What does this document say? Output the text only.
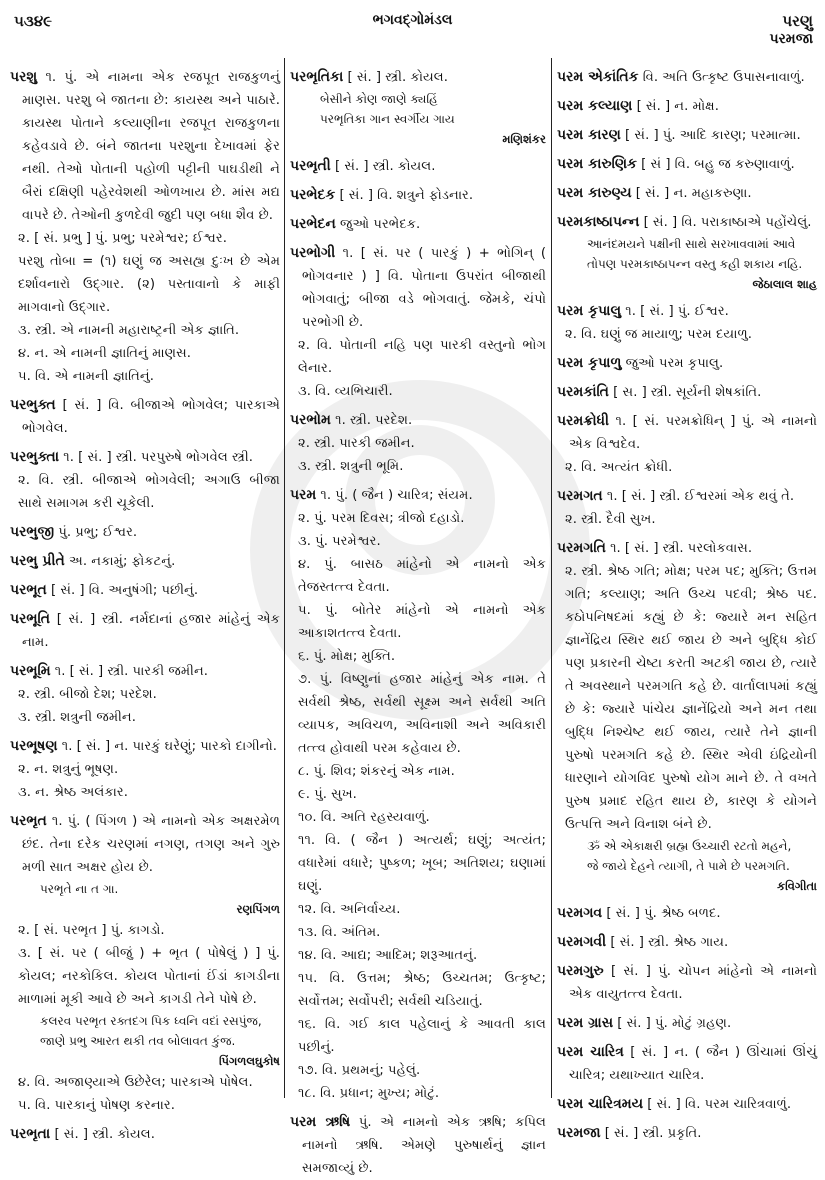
૫૩૪૯	ભગવદ્ગોમંડલ	પરણુ
પરમજા
પરશુ ૧. પું. એ નામના એક રજપૂત રાજકુળનું માણસ. પરશુ બે જાતના છે: કાયસ્થ અને પાઠારે. કાયસ્થ પોતાને કલ્યાણીના રજપૂત રાજકુળના કહેવડાવે છે. બંને જાતના પરશુના દેખાવમાં ફેર નથી. તેઓ પોતાની પહોળી પટ્ટીની પાઘડીથી ને બૈરાં દક્ષિણી પહેરવેશથી ઓળખાય છે. માંસ મદ્ય વાપરે છે. તેઓની કુળદેવી જુદી પણ બધા શૈવ છે.
૨. [ સં. પ્રભુ ] પું. પ્રભુ; પરમેશ્વર; ઈશ્વર.
પરશુ તોબા = (૧) ઘણું જ અસહ્ય દુઃખ છે એમ દર્શાવનારો ઉદ્ગાર. (૨) પસ્તાવાનો કે માફી માગવાનો ઉદ્ગાર.
૩. સ્ત્રી. એ નામની મહારાષ્ટ્રની એક જ્ઞાતિ.
૪. ન. એ નામની જ્ઞાતિનું માણસ.
૫. વિ. એ નામની જ્ઞાતિનું.
પરભુક્ત [ સં. ] વિ. બીજાએ ભોગવેલ; પારકાએ ભોગવેલ.
પરભુક્તા ૧. [ સં. ] સ્ત્રી. પરપુરુષે ભોગવેલ સ્ત્રી.
૨. વિ. સ્ત્રી. બીજાએ ભોગવેલી; અગાઉ બીજા સાથે સમાગમ કરી ચૂકેલી.
પરભુજી પું. પ્રભુ; ઈશ્વર.
પરભુ પ્રીતે અ. નકામું; ફોકટનું.
પરભૂત [ સં. ] વિ. અનુષંગી; પછીનું.
પરભૂતિ [ સં. ] સ્ત્રી. નર્મદાનાં હજાર માંહેનું એક નામ.
પરભૂમિ ૧. [ સં. ] સ્ત્રી. પારકી જમીન.
૨. સ્ત્રી. બીજો દેશ; પરદેશ.
૩. સ્ત્રી. શત્રુની જમીન.
પરભૂષણ ૧. [ સં. ] ન. પારકું ઘરેણું; પારકો દાગીનો.
૨. ન. શત્રુનું ભૂષણ.
૩. ન. શ્રેષ્ઠ અલંકાર.
પરભૃત ૧. પું. ( પિંગળ ) એ નામનો એક અક્ષરમેળ છંદ. તેના દરેક ચરણમાં નગણ, તગણ અને ગુરુ મળી સાત અક્ષર હોય છે.
પરભૃતે ના ત ગા.
રણપિંગળ
૨. [ સં. પરભૃત ] પું. કાગડો.
૩. [ સં. પર ( બીજું ) + ભૃત ( પોષેલું ) ] પું. કોયલ; નરકોકિલ. કોયલ પોતાનાં ઈંડાં કાગડીના માળામાં મૂકી આવે છે અને કાગડી તેને પોષે છે.
કલરવ પરભૃત રક્તદગ પિક ધ્વનિ વદાં રસપુંજ,
જાણે પ્રભુ આરત થકી તવ બોલાવત કુંજ.
પિંગળલઘુકોષ
૪. વિ. અજાણ્યાએ ઉછેરેલ; પારકાએ પોષેલ.
૫. વિ. પારકાનું પોષણ કરનાર.
પરભૃતા [ સં. ] સ્ત્રી. કોયલ.
પરભૃતિકા [ સં. ] સ્ત્રી. કોયલ.
બેસીને કોણ જાણે ક્યહિં
પરભૃતિકા ગાન સ્વર્ગીય ગાય
મણિશંકર
પરભૃતી [ સં. ] સ્ત્રી. કોયલ.
પરભેદક [ સં. ] વિ. શત્રુને ફોડનાર.
પરભેદન જુઓ પરભેદક.
પરભોગી ૧. [ સં. પર ( પારકું ) + ભોગિન્ ( ભોગવનાર ) ] વિ. પોતાના ઉપરાંત બીજાથી ભોગવાતું; બીજા વડે ભોગવાતું. જેમકે, ચંપો પરભોગી છે.
૨. વિ. પોતાની નહિ પણ પારકી વસ્તુનો ભોગ લેનાર.
૩. વિ. વ્યભિચારી.
પરભોમ ૧. સ્ત્રી. પરદેશ.
૨. સ્ત્રી. પારકી જમીન.
૩. સ્ત્રી. શત્રુની ભૂમિ.
પરમ ૧. પું. ( જૈન ) ચારિત્ર; સંયમ.
૨. પું. પરમ દિવસ; ત્રીજો દહાડો.
૩. પું. પરમેશ્વર.
૪. પું. બાસઠ માંહેનો એ નામનો એક તેજસ્તત્ત્વ દેવતા.
૫. પું. બોતેર માંહેનો એ નામનો એક આકાશતત્ત્વ દેવતા.
૬. પું. મોક્ષ; મુક્તિ.
૭. પું. વિષ્ણુનાં હજાર માંહેનું એક નામ. તે સર્વથી શ્રેષ્ઠ, સર્વથી સૂક્ષ્મ અને સર્વથી અતિ વ્યાપક, અવિચળ, અવિનાશી અને અવિકારી તત્ત્વ હોવાથી પરમ કહેવાય છે.
૮. પું. શિવ; શંકરનું એક નામ.
૯. પું. સુખ.
૧૦. વિ. અતિ રહસ્યવાળું.
૧૧. વિ. ( જૈન ) અત્યર્થ; ઘણું; અત્યંત; વધારેમાં વધારે; પુષ્કળ; ખૂબ; અતિશય; ઘણામાં ઘણું.
૧૨. વિ. અનિર્વાચ્ય.
૧૩. વિ. અંતિમ.
૧૪. વિ. આદ્ય; આદિમ; શરૂઆતનું.
૧૫. વિ. ઉત્તમ; શ્રેષ્ઠ; ઉચ્ચતમ; ઉત્કૃષ્ટ; સર્વોત્તમ; સર્વોપરી; સર્વથી ચડિયાતું.
૧૬. વિ. ગઈ કાલ પહેલાનું કે આવતી કાલ પછીનું.
૧૭. વિ. પ્રથમનું; પહેલું.
૧૮. વિ. પ્રધાન; મુખ્ય; મોટું.
પરમ ઋષિ પું. એ નામનો એક ઋષિ; કપિલ નામનો ઋષિ. એમણે પુરુષાર્થનું જ્ઞાન સમજાવ્યું છે.
પરમ એકાંતિક વિ. અતિ ઉત્કૃષ્ટ ઉપાસનાવાળું.
પરમ કલ્યાણ [ સં. ] ન. મોક્ષ.
પરમ કારણ [ સં. ] પું. આદિ કારણ; પરમાત્મા.
પરમ કારુણિક [ સં ] વિ. બહુ જ કરુણાવાળું.
પરમ કારુણ્ય [ સં. ] ન. મહાકરુણા.
પરમકાષ્ઠાપન્ન [ સં. ] વિ. પરાકાષ્ઠાએ પહોંચેલું.
આનંદમયને પક્ષીની સાથે સરખાવવામાં આવે
તોપણ પરમકાષ્ઠાપન્ન વસ્તુ કહી શકાય નહિ.
જેઠાલાલ શાહ
પરમ કૃપાલુ ૧. [ સં. ] પું. ઈશ્વર.
૨. વિ. ઘણું જ માયાળુ; પરમ દયાળુ.
પરમ કૃપાળુ જુઓ પરમ કૃપાલુ.
પરમકાંતિ [ સ. ] સ્ત્રી. સૂર્યની શેષકાંતિ.
પરમક્રોધી ૧. [ સં. પરમક્રોધિન્ ] પું. એ નામનો એક વિશ્વદેવ.
૨. વિ. અત્યંત ક્રોધી.
પરમગત ૧. [ સં. ] સ્ત્રી. ઈશ્વરમાં એક થવું તે.
૨. સ્ત્રી. દૈવી સુખ.
પરમગતિ ૧. [ સં. ] સ્ત્રી. પરલોકવાસ.
૨. સ્ત્રી. શ્રેષ્ઠ ગતિ; મોક્ષ; પરમ પદ; મુક્તિ; ઉત્તમ ગતિ; કલ્યાણ; અતિ ઉચ્ચ પદવી; શ્રેષ્ઠ પદ. કઠોપનિષદમાં કહ્યું છે કે: જ્યારે મન સહિત જ્ઞાનેંદ્રિય સ્થિર થઈ જાય છે અને બુદ્ધિ કોઈ પણ પ્રકારની ચેષ્ટા કરતી અટકી જાય છે, ત્યારે તે અવસ્થાને પરમગતિ કહે છે. વાર્તાલાપમાં કહ્યું છે કે: જ્યારે પાંચેય જ્ઞાનેંદ્રિયો અને મન તથા બુદ્ધિ નિશ્ચેષ્ટ થઈ જાય, ત્યારે તેને જ્ઞાની પુરુષો પરમગતિ કહે છે. સ્થિર એવી ઇંદ્રિયોની ધારણાને યોગવિદ પુરુષો યોગ માને છે. તે વખતે પુરુષ પ્રમાદ રહિત થાય છે, કારણ કે યોગને ઉત્પત્તિ અને વિનાશ બંને છે.
ૐ એ એકાક્ષરી બ્રહ્મ ઉચ્ચારી રટતો મહને,
જે જાયે દેહને ત્યાગી, તે પામે છે પરમગતિ.
કવિગીતા
પરમગવ [ સં. ] પું. શ્રેષ્ઠ બળદ.
પરમગવી [ સં. ] સ્ત્રી. શ્રેષ્ઠ ગાય.
પરમગુરુ [ સં. ] પું. ચોપન માંહેનો એ નામનો એક વાયુતત્ત્વ દેવતા.
પરમ ગ્રાસ [ સં. ] પું. મોટું ગ્રહણ.
પરમ ચારિત્ર [ સં. ] ન. ( જૈન ) ઊંચામાં ઊંચું ચારિત્ર; યથાખ્યાત ચારિત્ર.
પરમ ચારિત્રમય [ સં. ] વિ. પરમ ચારિત્રવાળું.
પરમજા [ સં. ] સ્ત્રી. પ્રકૃતિ.
